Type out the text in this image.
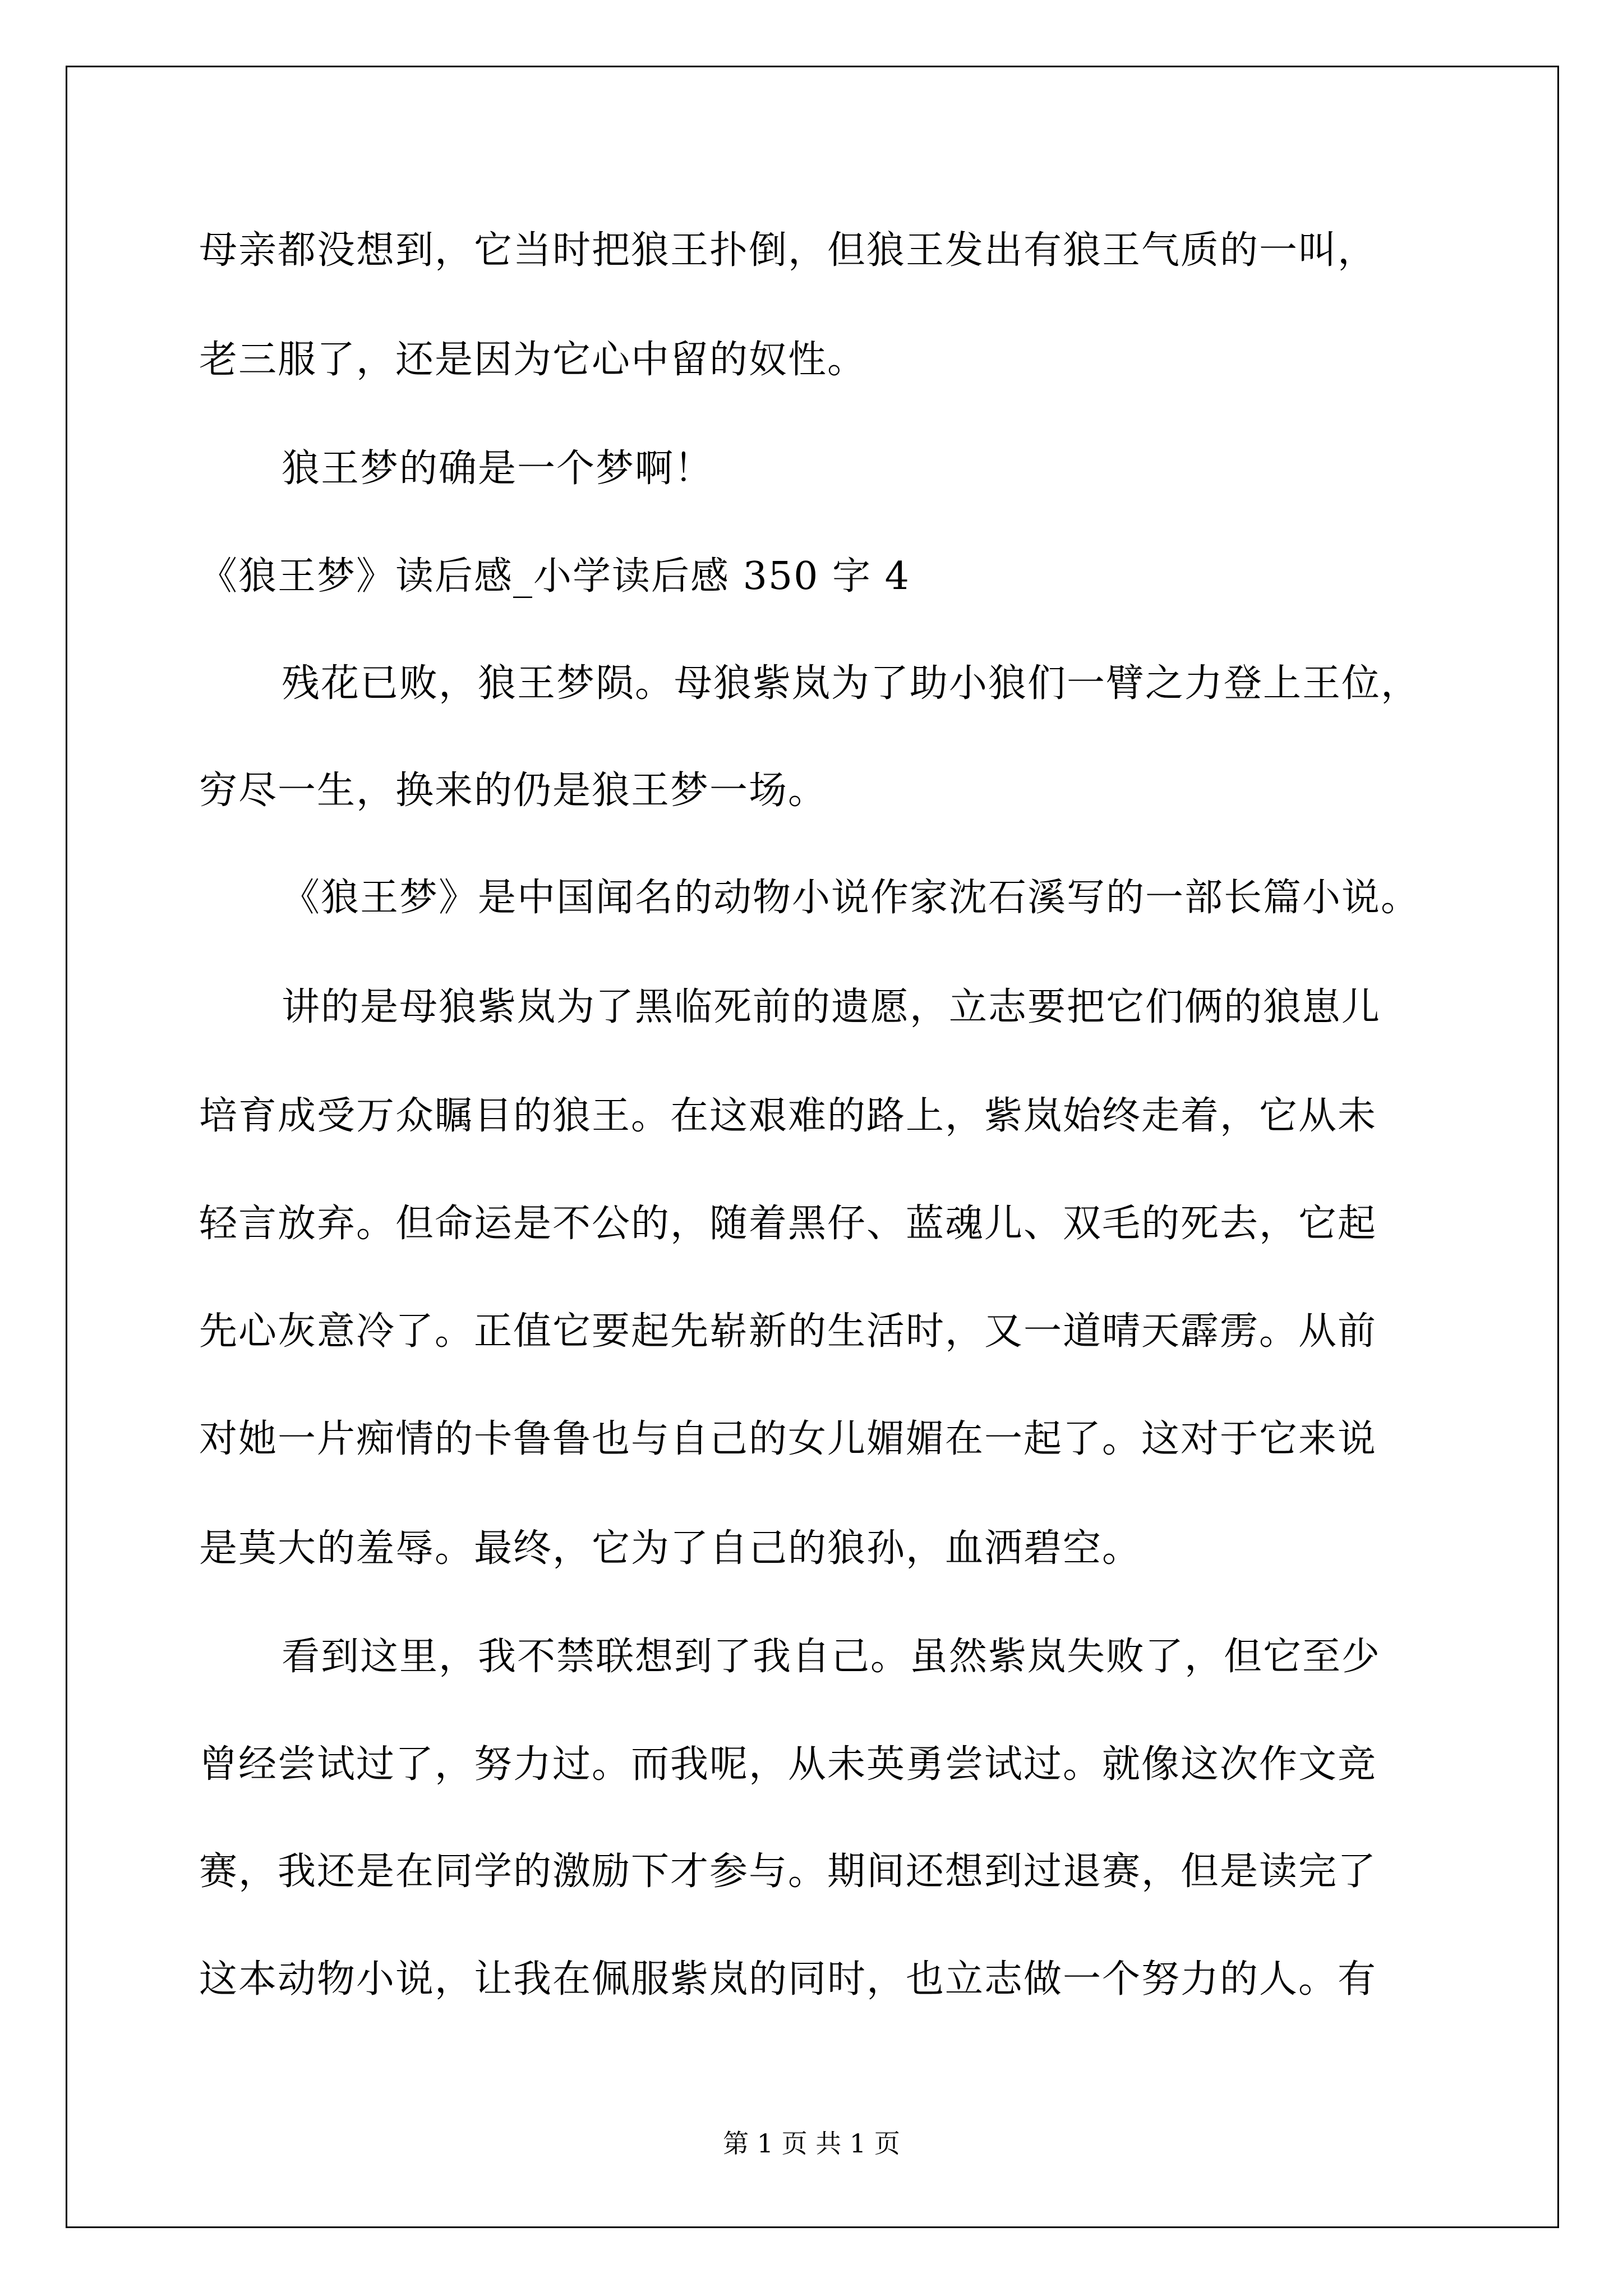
母亲都没想到，它当时把狼王扑倒，但狼王发出有狼王气质的一叫，
老三服了，还是因为它心中留的奴性。
狼王梦的确是一个梦啊！
《狼王梦》读后感_小学读后感 350 字 4
残花已败，狼王梦陨。母狼紫岚为了助小狼们一臂之力登上王位，
穷尽一生，换来的仍是狼王梦一场。
《狼王梦》是中国闻名的动物小说作家沈石溪写的一部长篇小说。
讲的是母狼紫岚为了黑临死前的遗愿，立志要把它们俩的狼崽儿
培育成受万众瞩目的狼王。在这艰难的路上，紫岚始终走着，它从未
轻言放弃。但命运是不公的，随着黑仔、蓝魂儿、双毛的死去，它起
先心灰意冷了。正值它要起先崭新的生活时，又一道晴天霹雳。从前
对她一片痴情的卡鲁鲁也与自己的女儿媚媚在一起了。这对于它来说
是莫大的羞辱。最终，它为了自己的狼孙，血洒碧空。
看到这里，我不禁联想到了我自己。虽然紫岚失败了，但它至少
曾经尝试过了，努力过。而我呢，从未英勇尝试过。就像这次作文竞
赛，我还是在同学的激励下才参与。期间还想到过退赛，但是读完了
这本动物小说，让我在佩服紫岚的同时，也立志做一个努力的人。有
第 1 页 共 1 页
